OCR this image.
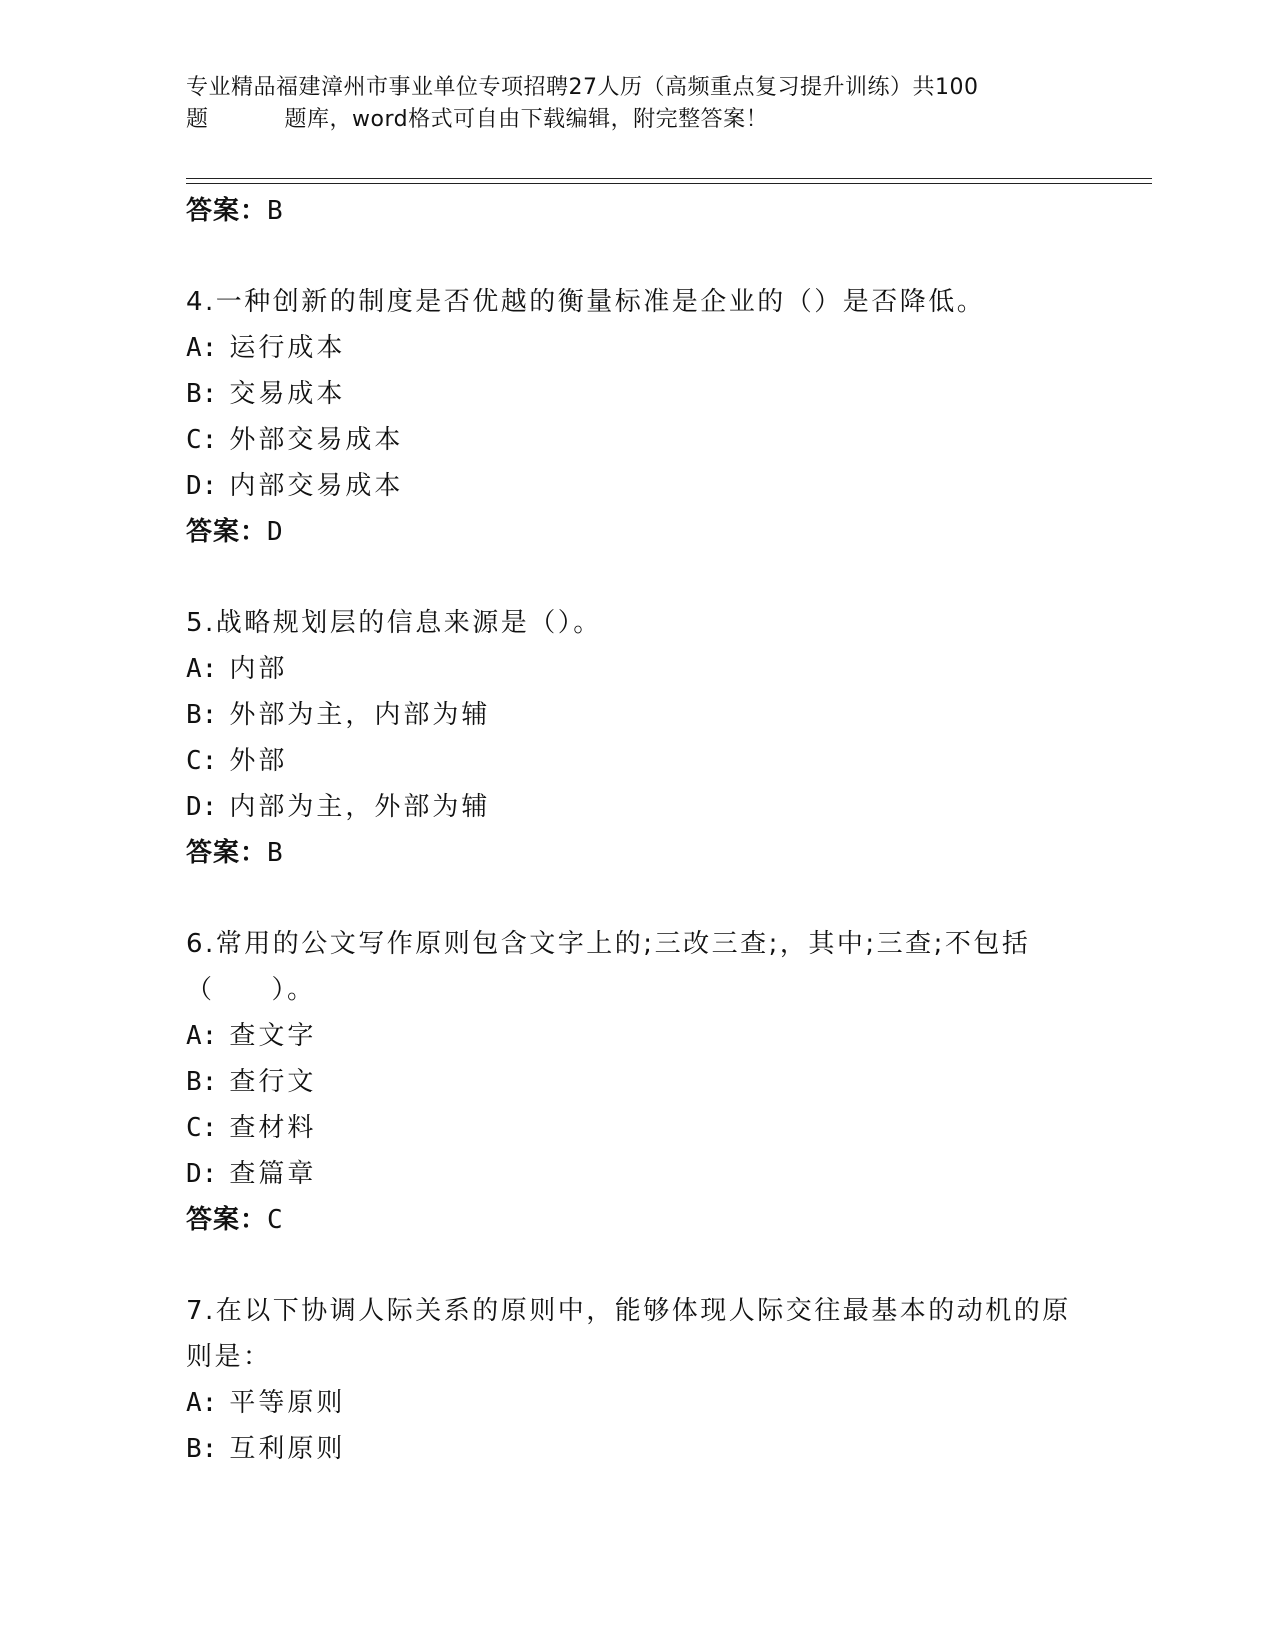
专业精品福建漳州市事业单位专项招聘27人历（高频重点复习提升训练）共100
题	题库，word格式可自由下载编辑，附完整答案！
答案：B
4.一种创新的制度是否优越的衡量标准是企业的（）是否降低。
A: 运行成本
B: 交易成本
C: 外部交易成本
D: 内部交易成本
答案：D
5.战略规划层的信息来源是（）。
A: 内部
B: 外部为主，内部为辅
C: 外部
D: 内部为主，外部为辅
答案：B
6.常用的公文写作原则包含文字上的;三改三查;，其中;三查;不包括（　　）。
A: 查文字
B: 查行文
C: 查材料
D: 查篇章
答案：C
7.在以下协调人际关系的原则中，能够体现人际交往最基本的动机的原则是：
A: 平等原则
B: 互利原则
